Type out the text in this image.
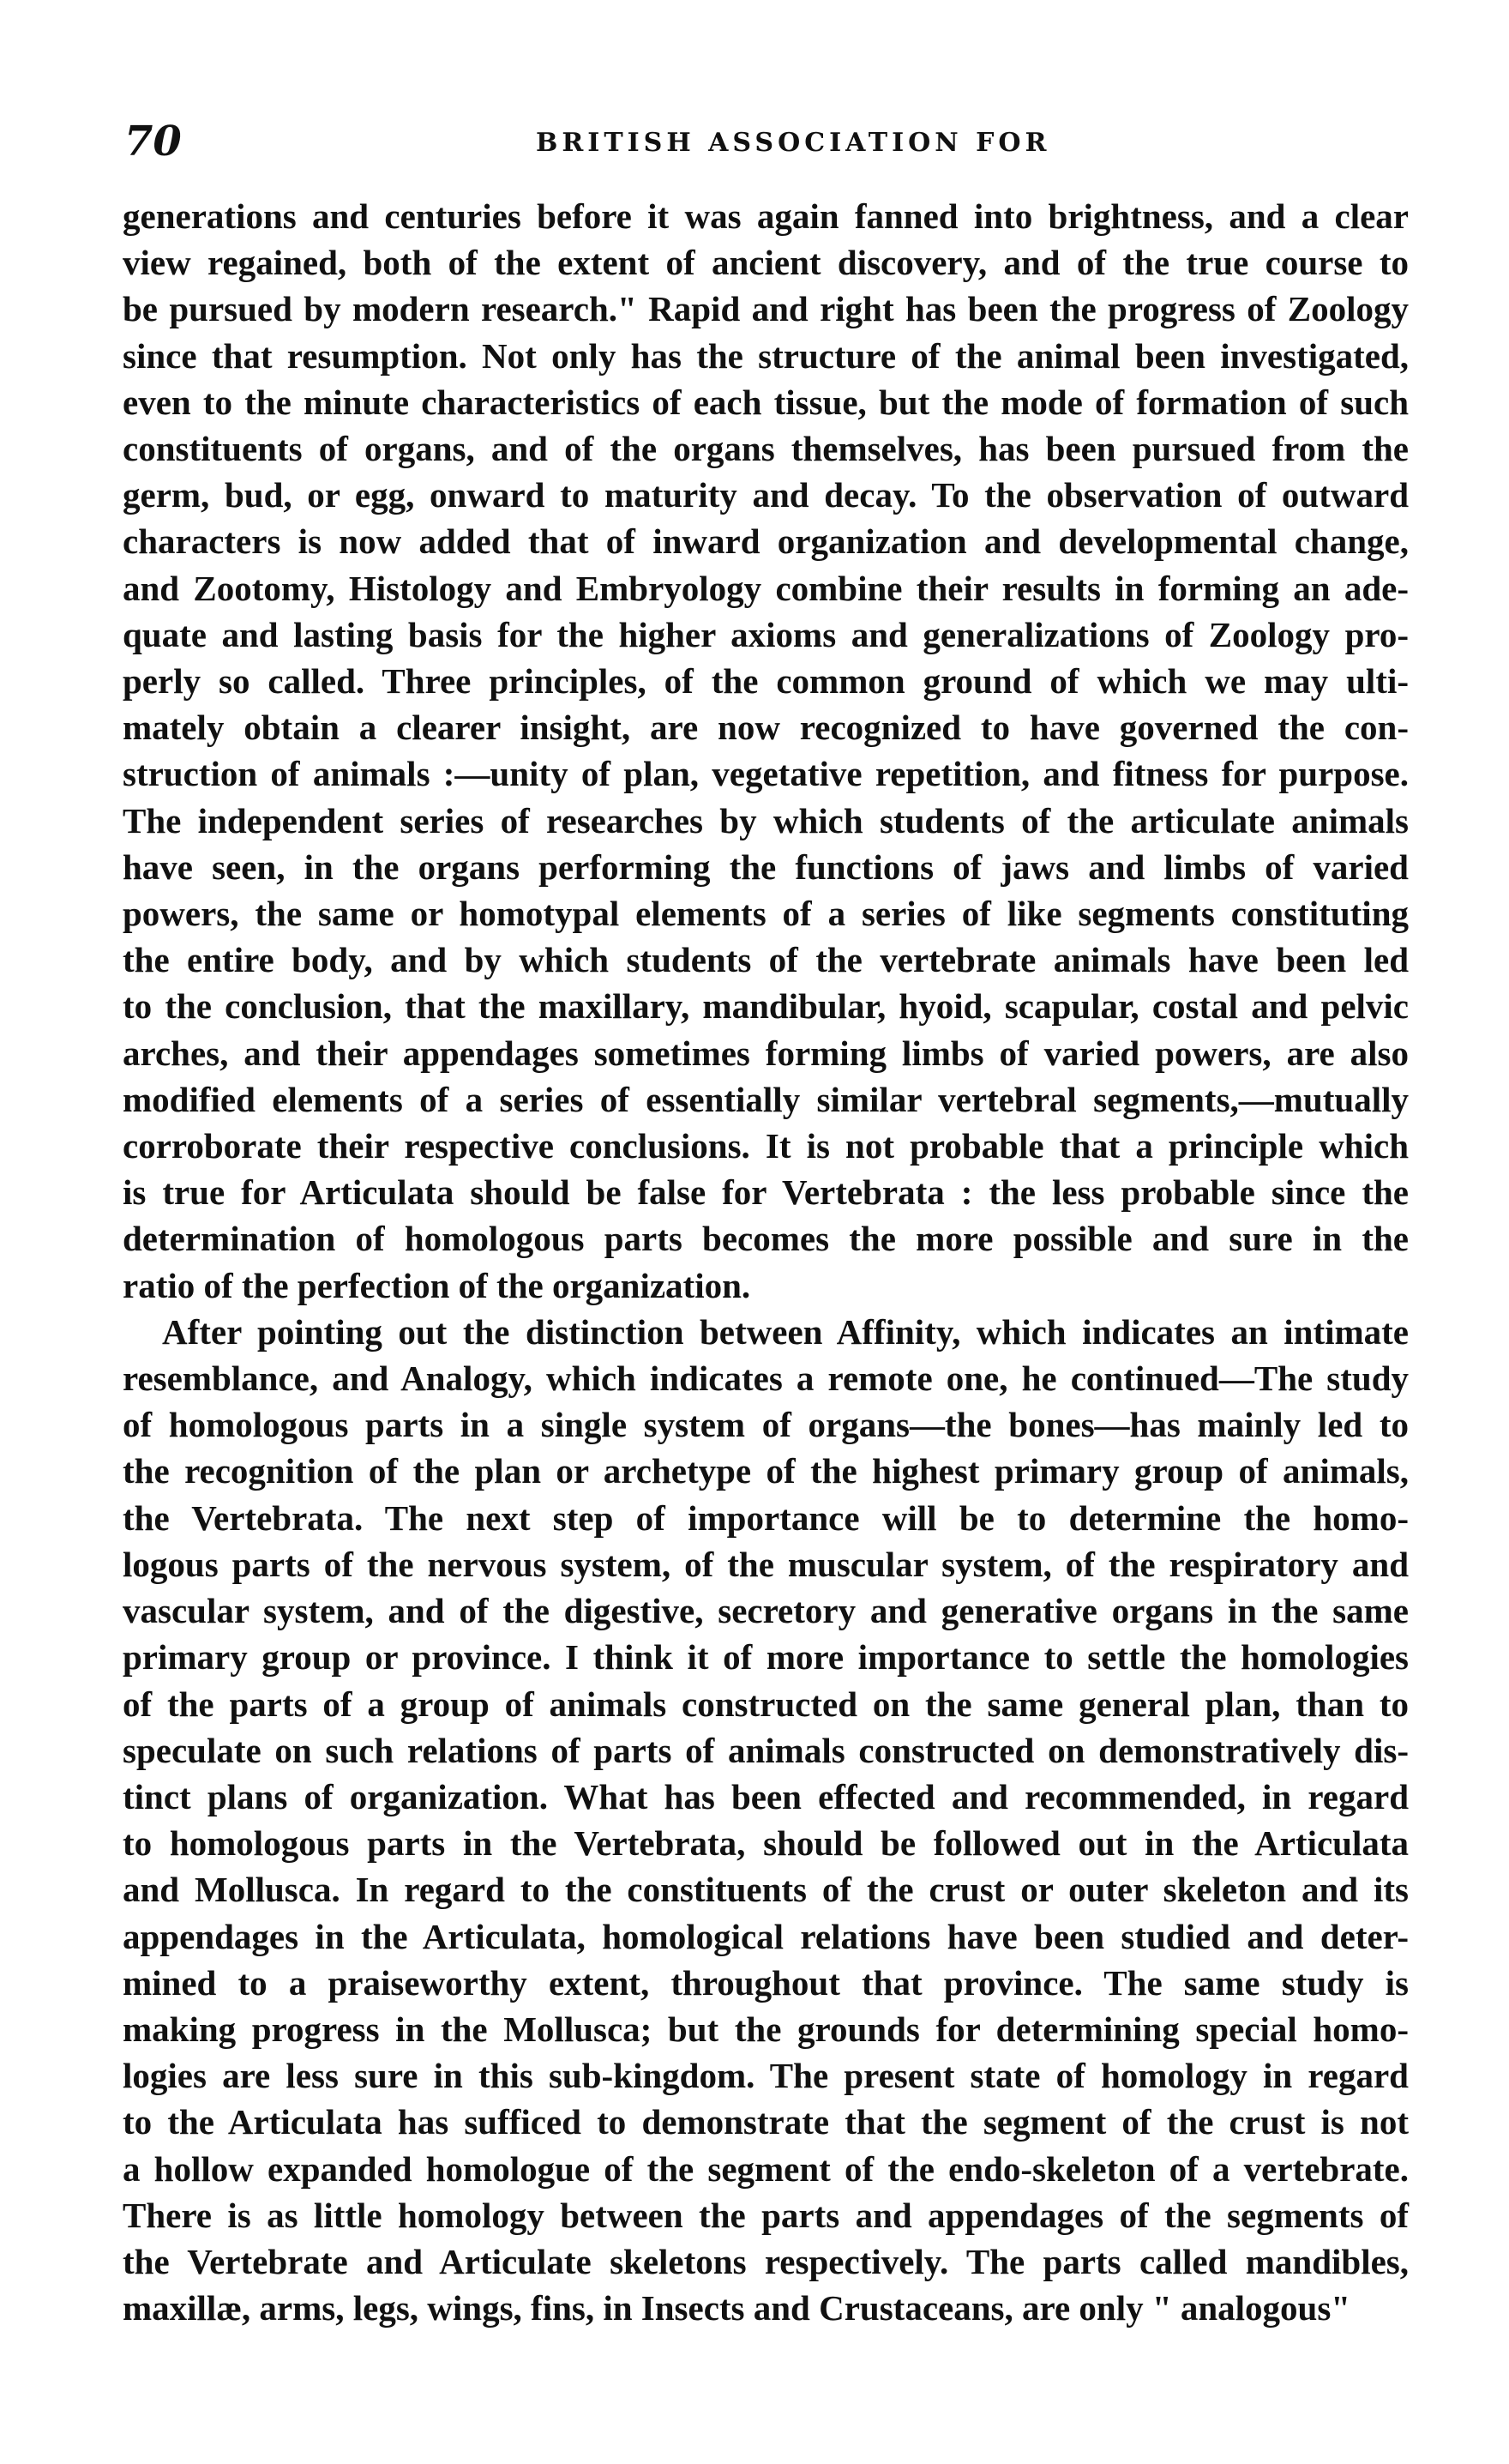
70	BRITISH ASSOCIATION FOR

generations and centuries before it was again fanned into brightness, and a clear
view regained, both of the extent of ancient discovery, and of the true course to
be pursued by modern research." Rapid and right has been the progress of Zoology
since that resumption. Not only has the structure of the animal been investigated,
even to the minute characteristics of each tissue, but the mode of formation of such
constituents of organs, and of the organs themselves, has been pursued from the
germ, bud, or egg, onward to maturity and decay. To the observation of outward
characters is now added that of inward organization and developmental change,
and Zootomy, Histology and Embryology combine their results in forming an ade-
quate and lasting basis for the higher axioms and generalizations of Zoology pro-
perly so called. Three principles, of the common ground of which we may ulti-
mately obtain a clearer insight, are now recognized to have governed the con-
struction of animals :—unity of plan, vegetative repetition, and fitness for purpose.
The independent series of researches by which students of the articulate animals
have seen, in the organs performing the functions of jaws and limbs of varied
powers, the same or homotypal elements of a series of like segments constituting
the entire body, and by which students of the vertebrate animals have been led
to the conclusion, that the maxillary, mandibular, hyoid, scapular, costal and pelvic
arches, and their appendages sometimes forming limbs of varied powers, are also
modified elements of a series of essentially similar vertebral segments,—mutually
corroborate their respective conclusions. It is not probable that a principle which
is true for Articulata should be false for Vertebrata : the less probable since the
determination of homologous parts becomes the more possible and sure in the
ratio of the perfection of the organization.

After pointing out the distinction between Affinity, which indicates an intimate
resemblance, and Analogy, which indicates a remote one, he continued—The study
of homologous parts in a single system of organs—the bones—has mainly led to
the recognition of the plan or archetype of the highest primary group of animals,
the Vertebrata. The next step of importance will be to determine the homo-
logous parts of the nervous system, of the muscular system, of the respiratory and
vascular system, and of the digestive, secretory and generative organs in the same
primary group or province. I think it of more importance to settle the homologies
of the parts of a group of animals constructed on the same general plan, than to
speculate on such relations of parts of animals constructed on demonstratively dis-
tinct plans of organization. What has been effected and recommended, in regard
to homologous parts in the Vertebrata, should be followed out in the Articulata
and Mollusca. In regard to the constituents of the crust or outer skeleton and its
appendages in the Articulata, homological relations have been studied and deter-
mined to a praiseworthy extent, throughout that province. The same study is
making progress in the Mollusca; but the grounds for determining special homo-
logies are less sure in this sub-kingdom. The present state of homology in regard
to the Articulata has sufficed to demonstrate that the segment of the crust is not
a hollow expanded homologue of the segment of the endo-skeleton of a vertebrate.
There is as little homology between the parts and appendages of the segments of
the Vertebrate and Articulate skeletons respectively. The parts called mandibles,
maxillæ, arms, legs, wings, fins, in Insects and Crustaceans, are only " analogous"
